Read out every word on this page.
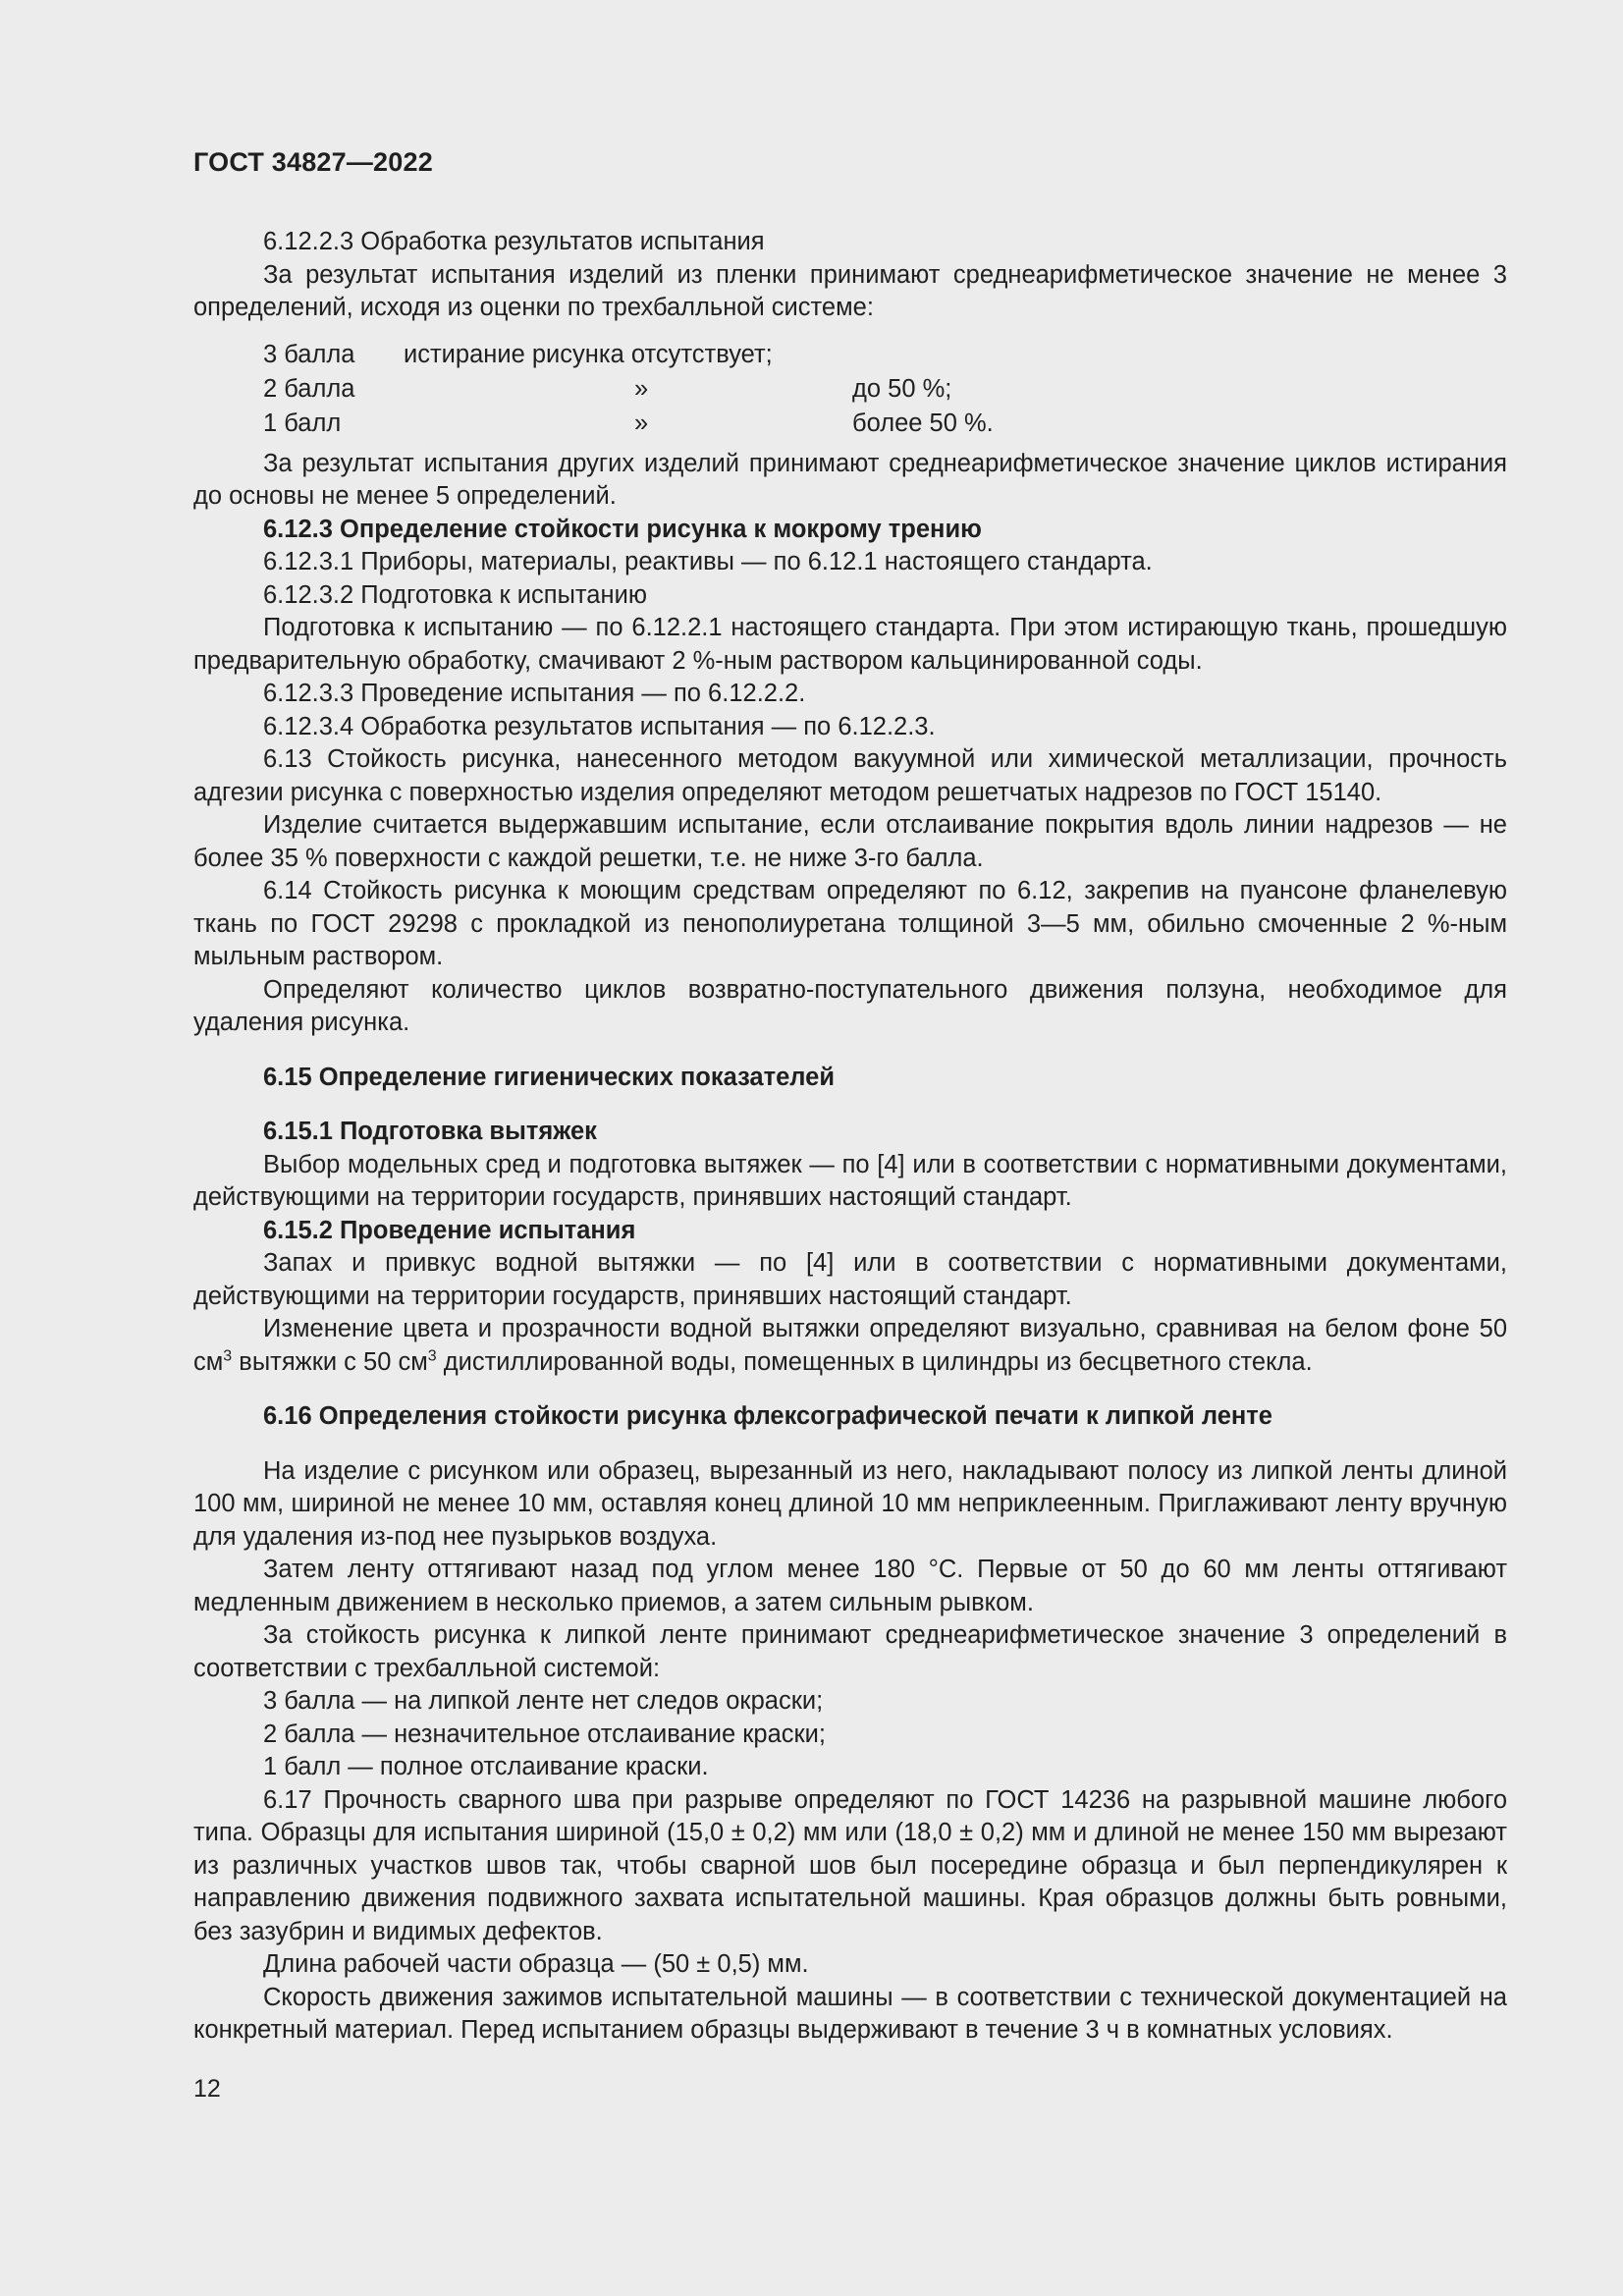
ГОСТ 34827—2022

6.12.2.3 Обработка результатов испытания

За результат испытания изделий из пленки принимают среднеарифметическое значение не менее 3 определений, исходя из оценки по трехбалльной системе:

3 балла	истирание рисунка отсутствует;		
2 балла		»	до 50 %;
1 балл		»	более 50 %.

За результат испытания других изделий принимают среднеарифметическое значение циклов истирания до основы не менее 5 определений.

6.12.3 Определение стойкости рисунка к мокрому трению

6.12.3.1 Приборы, материалы, реактивы — по 6.12.1 настоящего стандарта.

6.12.3.2 Подготовка к испытанию

Подготовка к испытанию — по 6.12.2.1 настоящего стандарта. При этом истирающую ткань, прошедшую предварительную обработку, смачивают 2 %-ным раствором кальцинированной соды.

6.12.3.3 Проведение испытания — по 6.12.2.2.

6.12.3.4 Обработка результатов испытания — по 6.12.2.3.

6.13 Стойкость рисунка, нанесенного методом вакуумной или химической металлизации, прочность адгезии рисунка с поверхностью изделия определяют методом решетчатых надрезов по ГОСТ 15140.

Изделие считается выдержавшим испытание, если отслаивание покрытия вдоль линии надрезов — не более 35 % поверхности с каждой решетки, т.е. не ниже 3-го балла.

6.14 Стойкость рисунка к моющим средствам определяют по 6.12, закрепив на пуансоне фланелевую ткань по ГОСТ 29298 с прокладкой из пенополиуретана толщиной 3—5 мм, обильно смоченные 2 %-ным мыльным раствором.

Определяют количество циклов возвратно-поступательного движения ползуна, необходимое для удаления рисунка.

6.15 Определение гигиенических показателей

6.15.1 Подготовка вытяжек

Выбор модельных сред и подготовка вытяжек — по [4] или в соответствии с нормативными документами, действующими на территории государств, принявших настоящий стандарт.

6.15.2 Проведение испытания

Запах и привкус водной вытяжки — по [4] или в соответствии с нормативными документами, действующими на территории государств, принявших настоящий стандарт.

Изменение цвета и прозрачности водной вытяжки определяют визуально, сравнивая на белом фоне 50 $см^3$ вытяжки с 50 $см^3$ дистиллированной воды, помещенных в цилиндры из бесцветного стекла.

6.16 Определения стойкости рисунка флексографической печати к липкой ленте

На изделие с рисунком или образец, вырезанный из него, накладывают полосу из липкой ленты длиной 100 мм, шириной не менее 10 мм, оставляя конец длиной 10 мм неприклеенным. Приглаживают ленту вручную для удаления из-под нее пузырьков воздуха.

Затем ленту оттягивают назад под углом менее 180 °С. Первые от 50 до 60 мм ленты оттягивают медленным движением в несколько приемов, а затем сильным рывком.

За стойкость рисунка к липкой ленте принимают среднеарифметическое значение 3 определений в соответствии с трехбалльной системой:

3 балла — на липкой ленте нет следов окраски;

2 балла — незначительное отслаивание краски;

1 балл — полное отслаивание краски.

6.17 Прочность сварного шва при разрыве определяют по ГОСТ 14236 на разрывной машине любого типа. Образцы для испытания шириной (15,0 ± 0,2) мм или (18,0 ± 0,2) мм и длиной не менее 150 мм вырезают из различных участков швов так, чтобы сварной шов был посередине образца и был перпендикулярен к направлению движения подвижного захвата испытательной машины. Края образцов должны быть ровными, без зазубрин и видимых дефектов.

Длина рабочей части образца — (50 ± 0,5) мм.

Скорость движения зажимов испытательной машины — в соответствии с технической документацией на конкретный материал. Перед испытанием образцы выдерживают в течение 3 ч в комнатных условиях.

12
